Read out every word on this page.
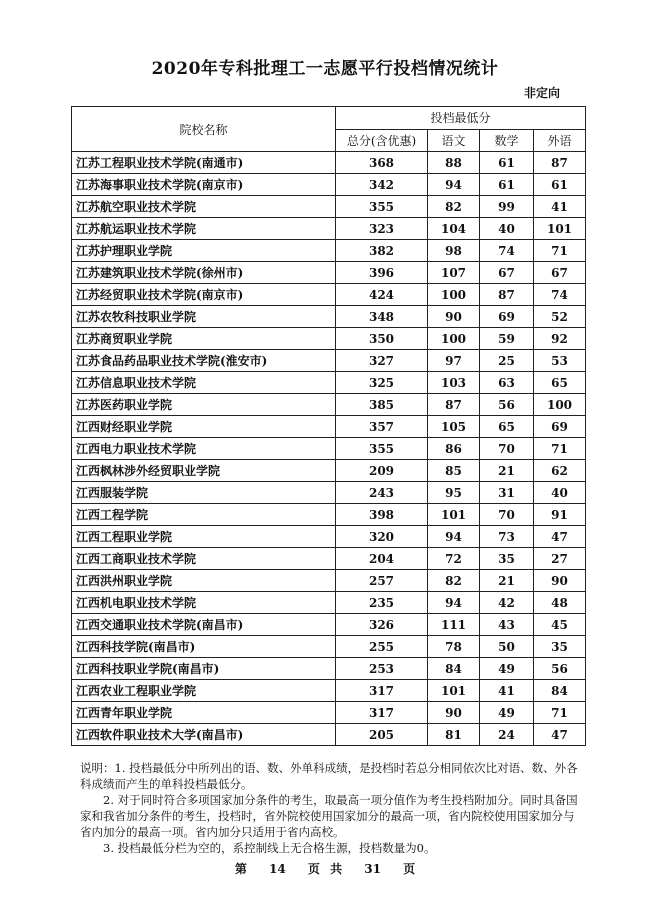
2020年专科批理工一志愿平行投档情况统计
非定向
院校名称	投档最低分			
	总分(含优惠)	语文	数学	外语
江苏工程职业技术学院(南通市)	368	88	61	87
江苏海事职业技术学院(南京市)	342	94	61	61
江苏航空职业技术学院	355	82	99	41
江苏航运职业技术学院	323	104	40	101
江苏护理职业学院	382	98	74	71
江苏建筑职业技术学院(徐州市)	396	107	67	67
江苏经贸职业技术学院(南京市)	424	100	87	74
江苏农牧科技职业学院	348	90	69	52
江苏商贸职业学院	350	100	59	92
江苏食品药品职业技术学院(淮安市)	327	97	25	53
江苏信息职业技术学院	325	103	63	65
江苏医药职业学院	385	87	56	100
江西财经职业学院	357	105	65	69
江西电力职业技术学院	355	86	70	71
江西枫林涉外经贸职业学院	209	85	21	62
江西服装学院	243	95	31	40
江西工程学院	398	101	70	91
江西工程职业学院	320	94	73	47
江西工商职业技术学院	204	72	35	27
江西洪州职业学院	257	82	21	90
江西机电职业技术学院	235	94	42	48
江西交通职业技术学院(南昌市)	326	111	43	45
江西科技学院(南昌市)	255	78	50	35
江西科技职业学院(南昌市)	253	84	49	56
江西农业工程职业学院	317	101	41	84
江西青年职业学院	317	90	49	71
江西软件职业技术大学(南昌市)	205	81	24	47

说明：1. 投档最低分中所列出的语、数、外单科成绩，是投档时若总分相同依次比对语、数、外各科成绩而产生的单科投档最低分。

2. 对于同时符合多项国家加分条件的考生，取最高一项分值作为考生投档附加分。同时具备国家和我省加分条件的考生，投档时，省外院校使用国家加分的最高一项，省内院校使用国家加分与省内加分的最高一项。省内加分只适用于省内高校。

3. 投档最低分栏为空的，系控制线上无合格生源，投档数量为0。

第 14 页 共 31 页
